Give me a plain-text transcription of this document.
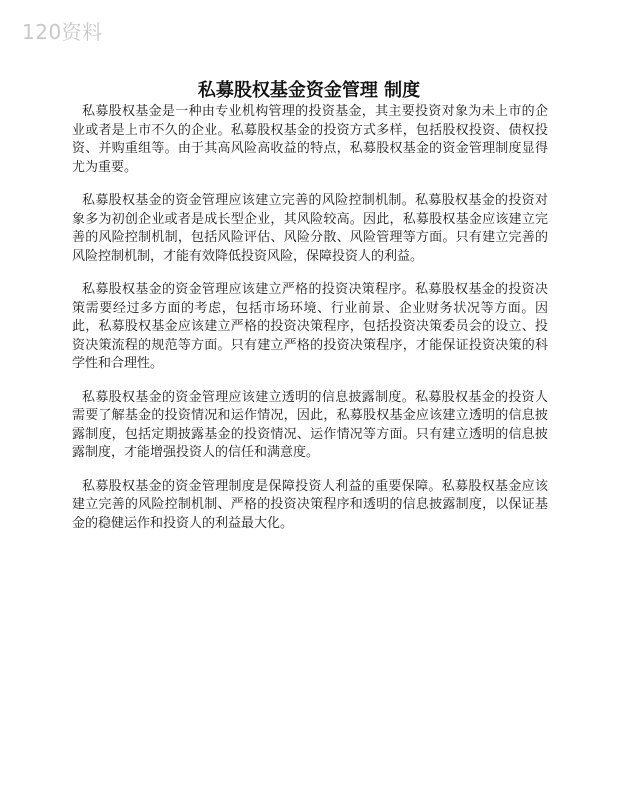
120资料
私募股权基金资金管理 制度

私募股权基金是一种由专业机构管理的投资基金，其主要投资对象为未上市的企业或者是上市不久的企业。私募股权基金的投资方式多样，包括股权投资、债权投资、并购重组等。由于其高风险高收益的特点，私募股权基金的资金管理制度显得尤为重要。

私募股权基金的资金管理应该建立完善的风险控制机制。私募股权基金的投资对象多为初创企业或者是成长型企业，其风险较高。因此，私募股权基金应该建立完善的风险控制机制，包括风险评估、风险分散、风险管理等方面。只有建立完善的风险控制机制，才能有效降低投资风险，保障投资人的利益。

私募股权基金的资金管理应该建立严格的投资决策程序。私募股权基金的投资决策需要经过多方面的考虑，包括市场环境、行业前景、企业财务状况等方面。因此，私募股权基金应该建立严格的投资决策程序，包括投资决策委员会的设立、投资决策流程的规范等方面。只有建立严格的投资决策程序，才能保证投资决策的科学性和合理性。

私募股权基金的资金管理应该建立透明的信息披露制度。私募股权基金的投资人需要了解基金的投资情况和运作情况，因此，私募股权基金应该建立透明的信息披露制度，包括定期披露基金的投资情况、运作情况等方面。只有建立透明的信息披露制度，才能增强投资人的信任和满意度。

私募股权基金的资金管理制度是保障投资人利益的重要保障。私募股权基金应该建立完善的风险控制机制、严格的投资决策程序和透明的信息披露制度，以保证基金的稳健运作和投资人的利益最大化。
